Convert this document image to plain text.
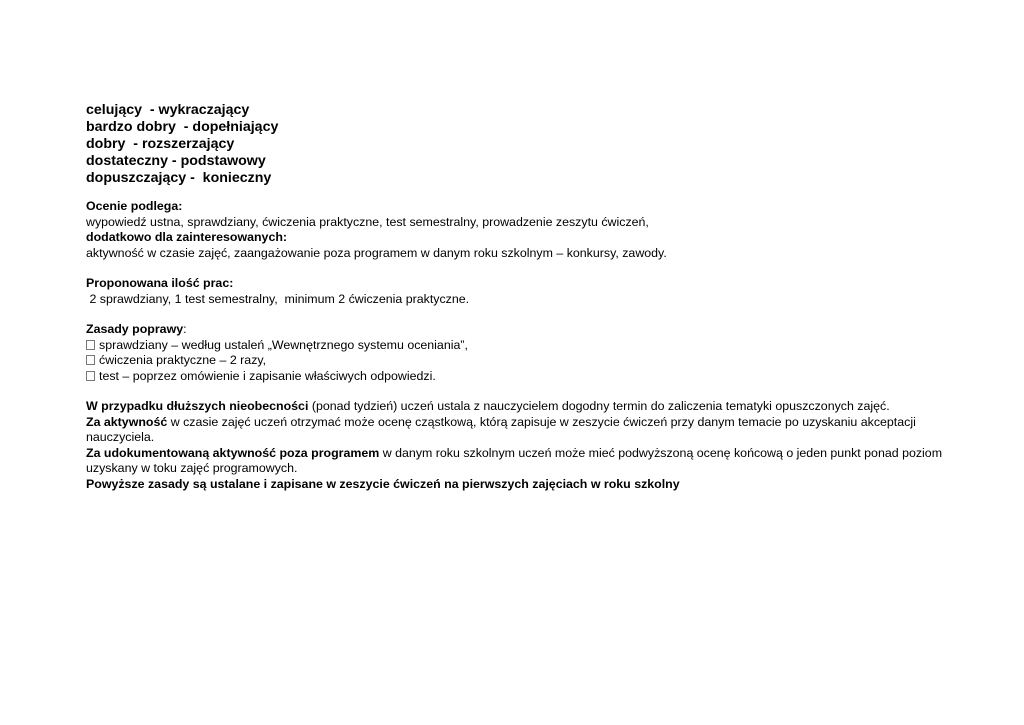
celujący  - wykraczający
bardzo dobry  - dopełniający
dobry  - rozszerzający
dostateczny - podstawowy
dopuszczający -  konieczny

Ocenie podlega:

wypowiedź ustna, sprawdziany, ćwiczenia praktyczne, test semestralny, prowadzenie zeszytu ćwiczeń,

dodatkowo dla zainteresowanych:

aktywność w czasie zajęć, zaangażowanie poza programem w danym roku szkolnym – konkursy, zawody.

Proponowana ilość prac:

2 sprawdziany, 1 test semestralny,  minimum 2 ćwiczenia praktyczne.

Zasady poprawy:

sprawdziany – według ustaleń „Wewnętrznego systemu oceniania”,

ćwiczenia praktyczne – 2 razy,

test – poprzez omówienie i zapisanie właściwych odpowiedzi.

W przypadku dłuższych nieobecności (ponad tydzień) uczeń ustala z nauczycielem dogodny termin do zaliczenia tematyki opuszczonych zajęć.

Za aktywność w czasie zajęć uczeń otrzymać może ocenę cząstkową, którą zapisuje w zeszycie ćwiczeń przy danym temacie po uzyskaniu akceptacji nauczyciela.

Za udokumentowaną aktywność poza programem w danym roku szkolnym uczeń może mieć podwyższoną ocenę końcową o jeden punkt ponad poziom uzyskany w toku zajęć programowych.

Powyższe zasady są ustalane i zapisane w zeszycie ćwiczeń na pierwszych zajęciach w roku szkolny
